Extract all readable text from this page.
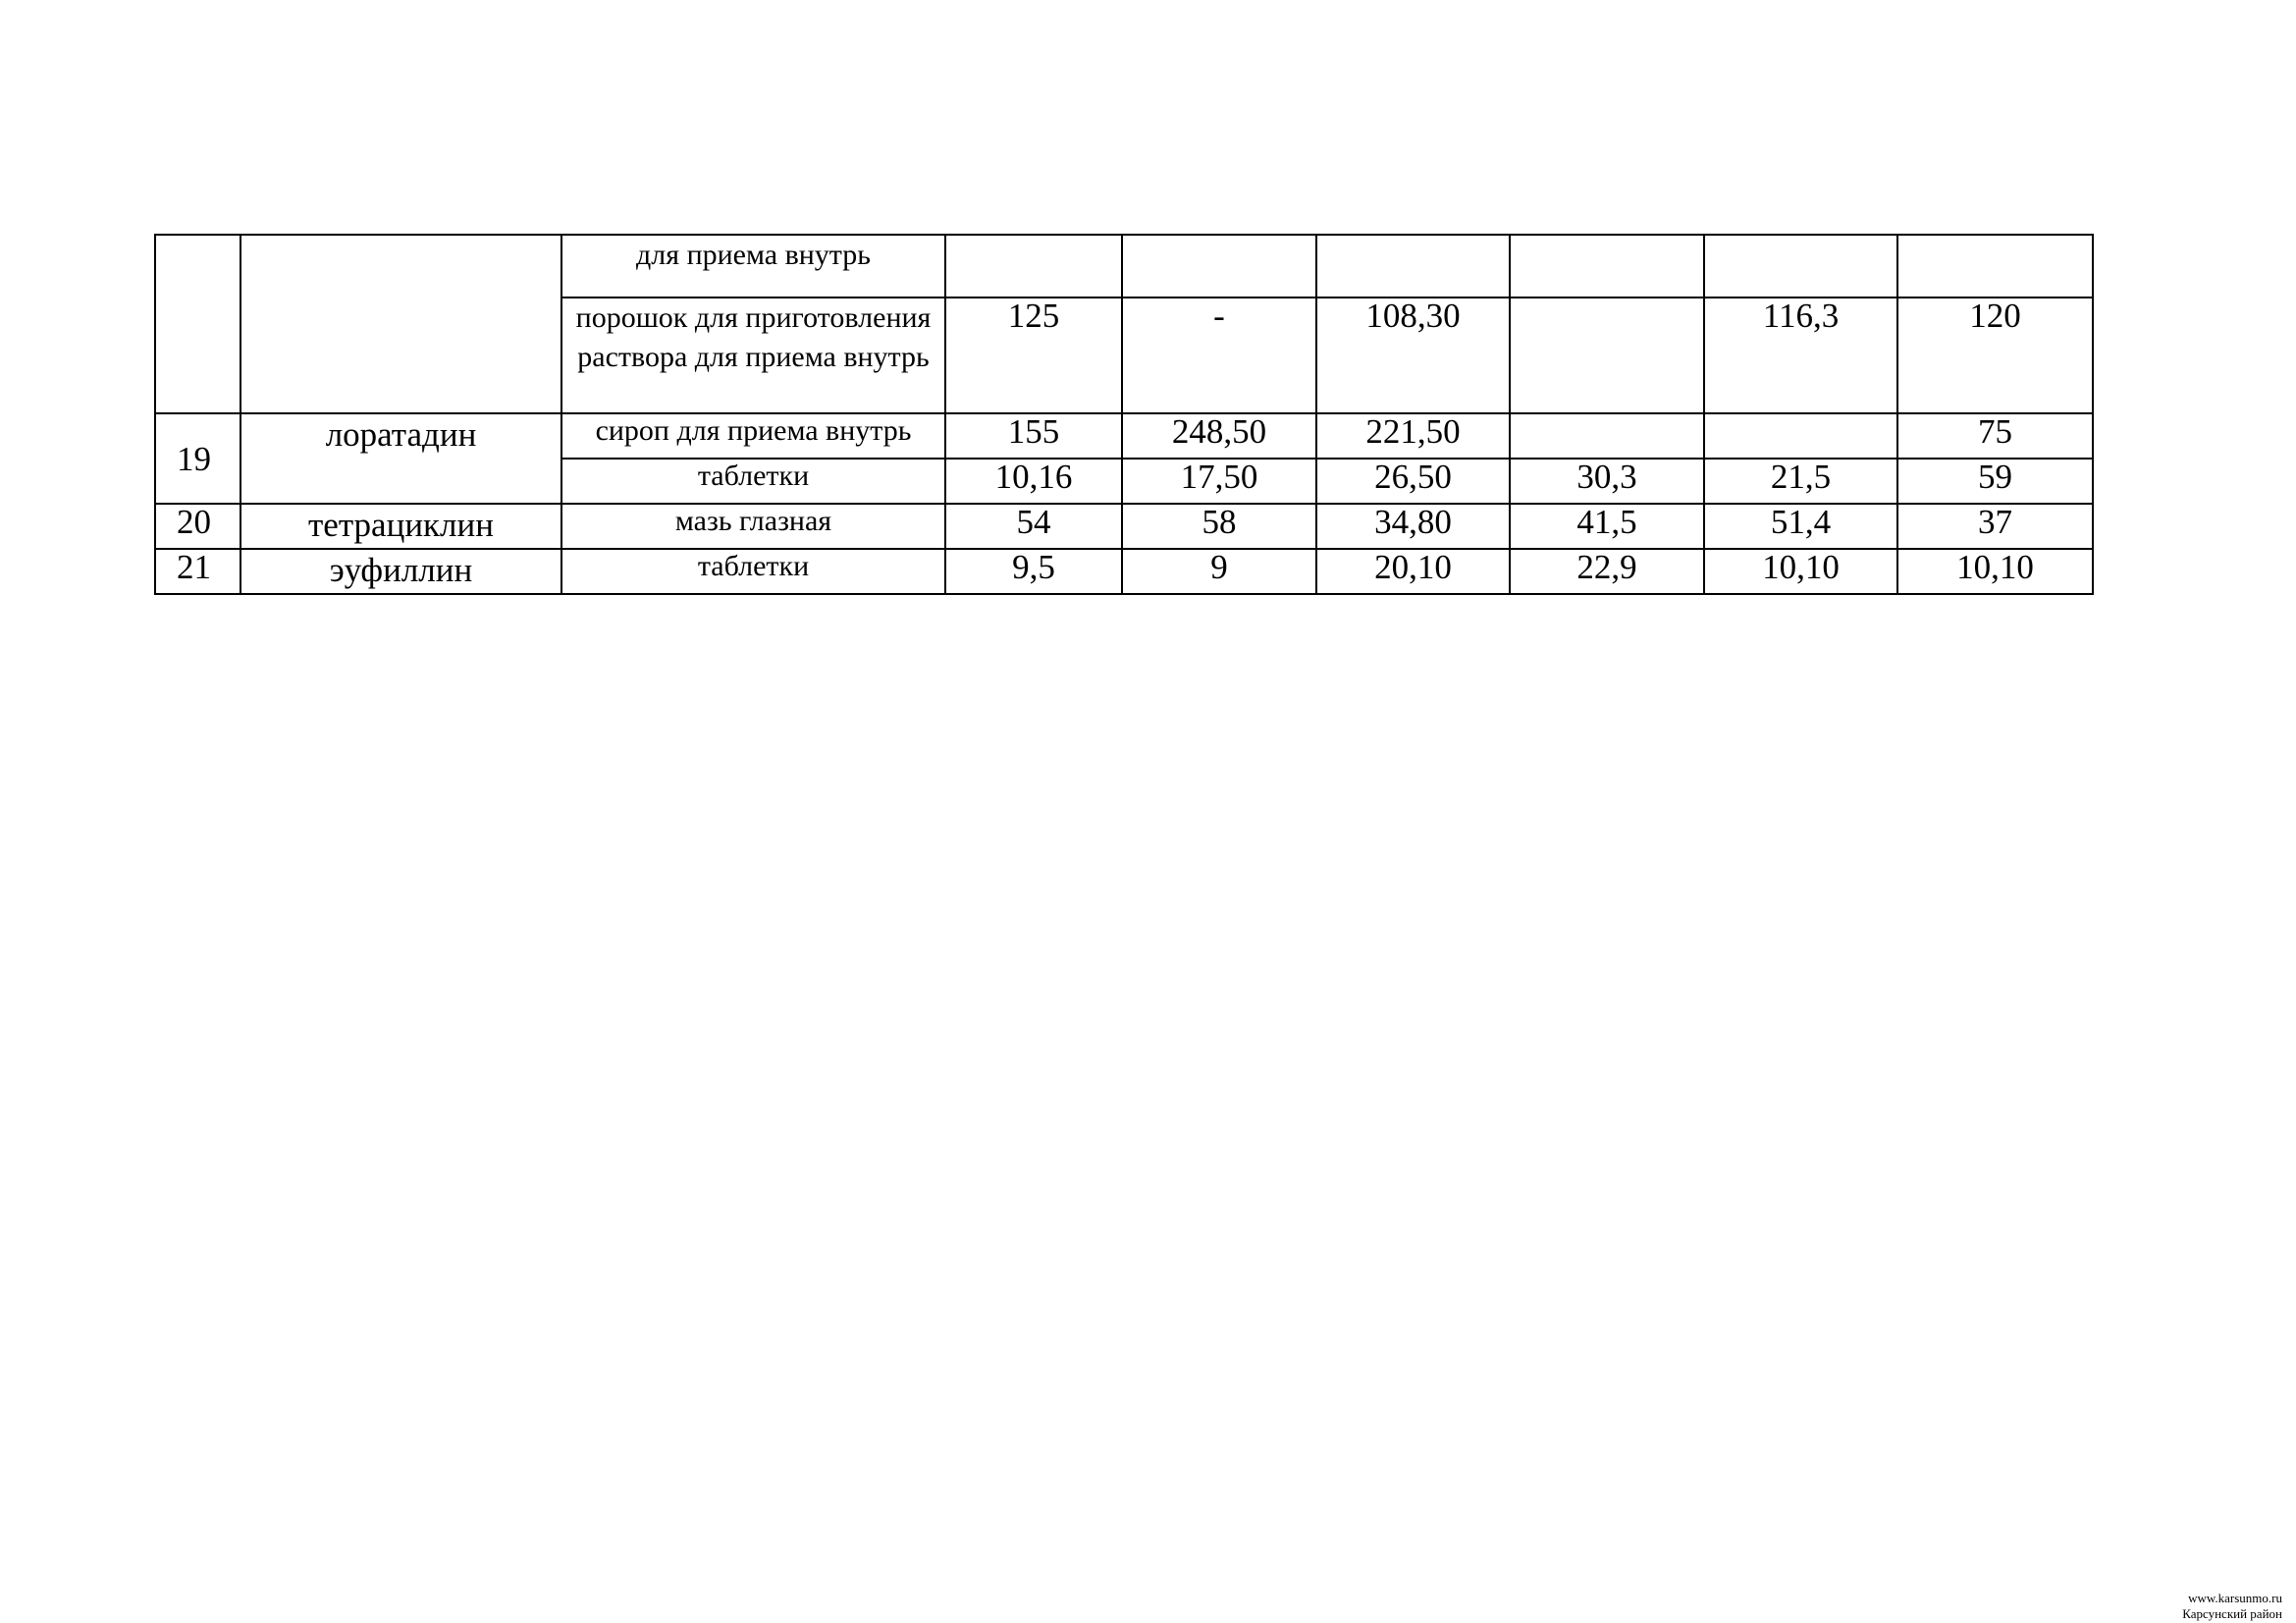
		для приема внутрь						
		порошок для приготовления раствора для приема внутрь	125	-	108,30		116,3	120
19	лоратадин	сироп для приема внутрь	155	248,50	221,50			75
		таблетки	10,16	17,50	26,50	30,3	21,5	59
20	тетрациклин	мазь глазная	54	58	34,80	41,5	51,4	37
21	эуфиллин	таблетки	9,5	9	20,10	22,9	10,10	10,10
www.karsunmo.ru
Карсунский район
